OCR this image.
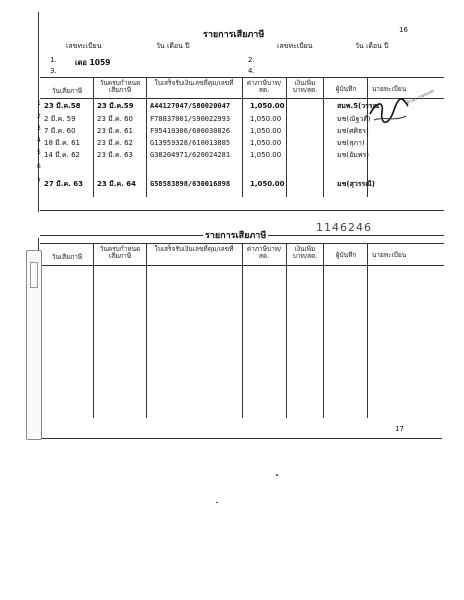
16
17
รายการเสียภาษี
เลขทะเบียน	วัน เดือน ปี	เลขทะเบียน	วัน เดือน ปี
1. เดอ 1059	2.
3.	4.
วันเสียภาษี
วันครบกำหนดเสียภาษี
ใบเสร็จรับเงินเลขที่คุม/เลขที่	ค่าภาษีบาท/สต.
เงินเพิ่มบาท/สต.	ผู้บันทึก	นายทะเบียน
1 23 มี.ค.58 23 มี.ค.59 A44127047/S80020047	1,050.00	สมพ.5(วรรณ
2 2 มี.ค. 59	23 มี.ค. 60 F78837001/S90022993	1,050.00	มช(ณัฐวดี)
3 7 มี.ค. 60	23 มี.ค. 61 F95410306/600030826	1,050.00	มช(ศศิธร)
4 18 มี.ค. 61 23 มี.ค. 62 G13959328/610013885	1,050.00	มช(สุภา)
5 14 มี.ค. 62 23 มี.ค. 63 G38204971/620024281	1,050.00	มช(อัมพร)
6
7 27 มี.ค. 63 23 มี.ค. 64 G58583898/630016898	1,050.00	มช(สุวรรณี)
1146246
สำนักงานขนส่ง
รายการเสียภาษี
วันเสียภาษี
วันครบกำหนดเสียภาษี
ใบเสร็จรับเงินเลขที่คุม/เลขที่	ค่าภาษีบาท/สต.
เงินเพิ่มบาท/สต.	ผู้บันทึก	นายทะเบียน
